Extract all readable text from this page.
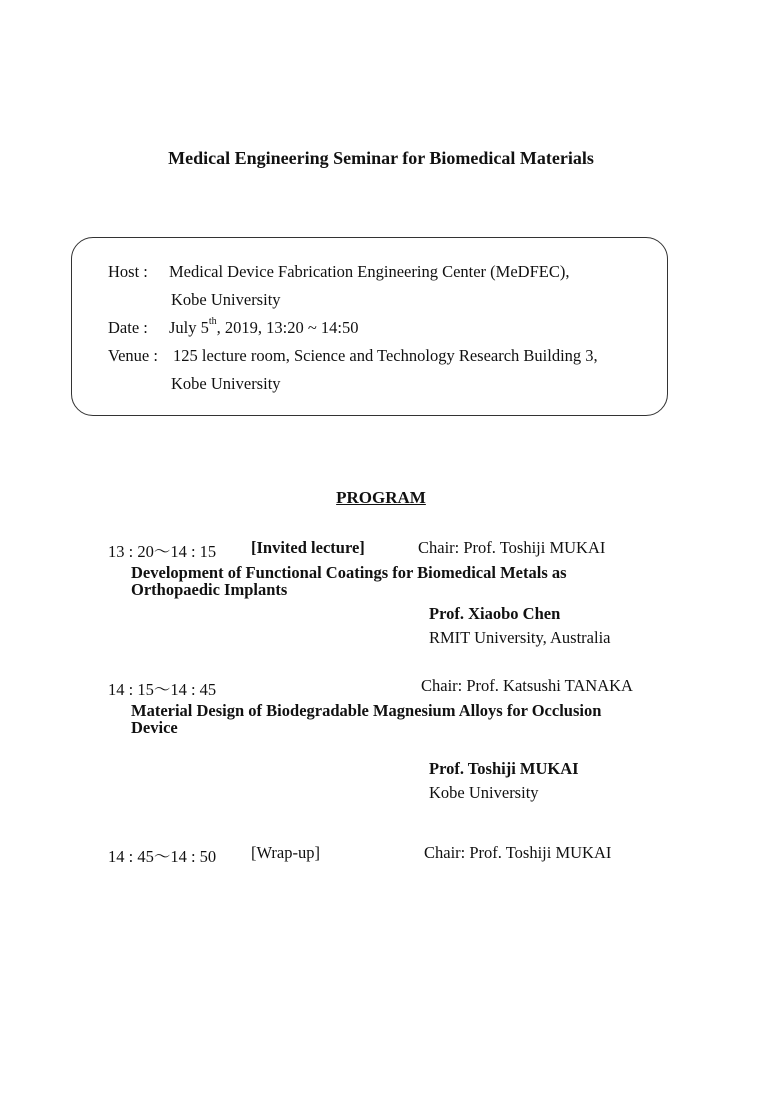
Medical Engineering Seminar for Biomedical Materials
Host : Medical Device Fabrication Engineering Center (MeDFEC),
Kobe University
Date : July 5th, 2019, 13:20 ~ 14:50
Venue : 125 lecture room, Science and Technology Research Building 3,
Kobe University
PROGRAM
13 : 20～14 : 15 [Invited lecture]	Chair: Prof. Toshiji MUKAI
Development of Functional Coatings for Biomedical Metals as
Orthopaedic Implants
Prof. Xiaobo Chen
RMIT University, Australia
14 : 15～14 : 45	Chair: Prof. Katsushi TANAKA
Material Design of Biodegradable Magnesium Alloys for Occlusion
Device
Prof. Toshiji MUKAI
Kobe University
14 : 45～14 : 50 [Wrap-up]	Chair: Prof. Toshiji MUKAI
